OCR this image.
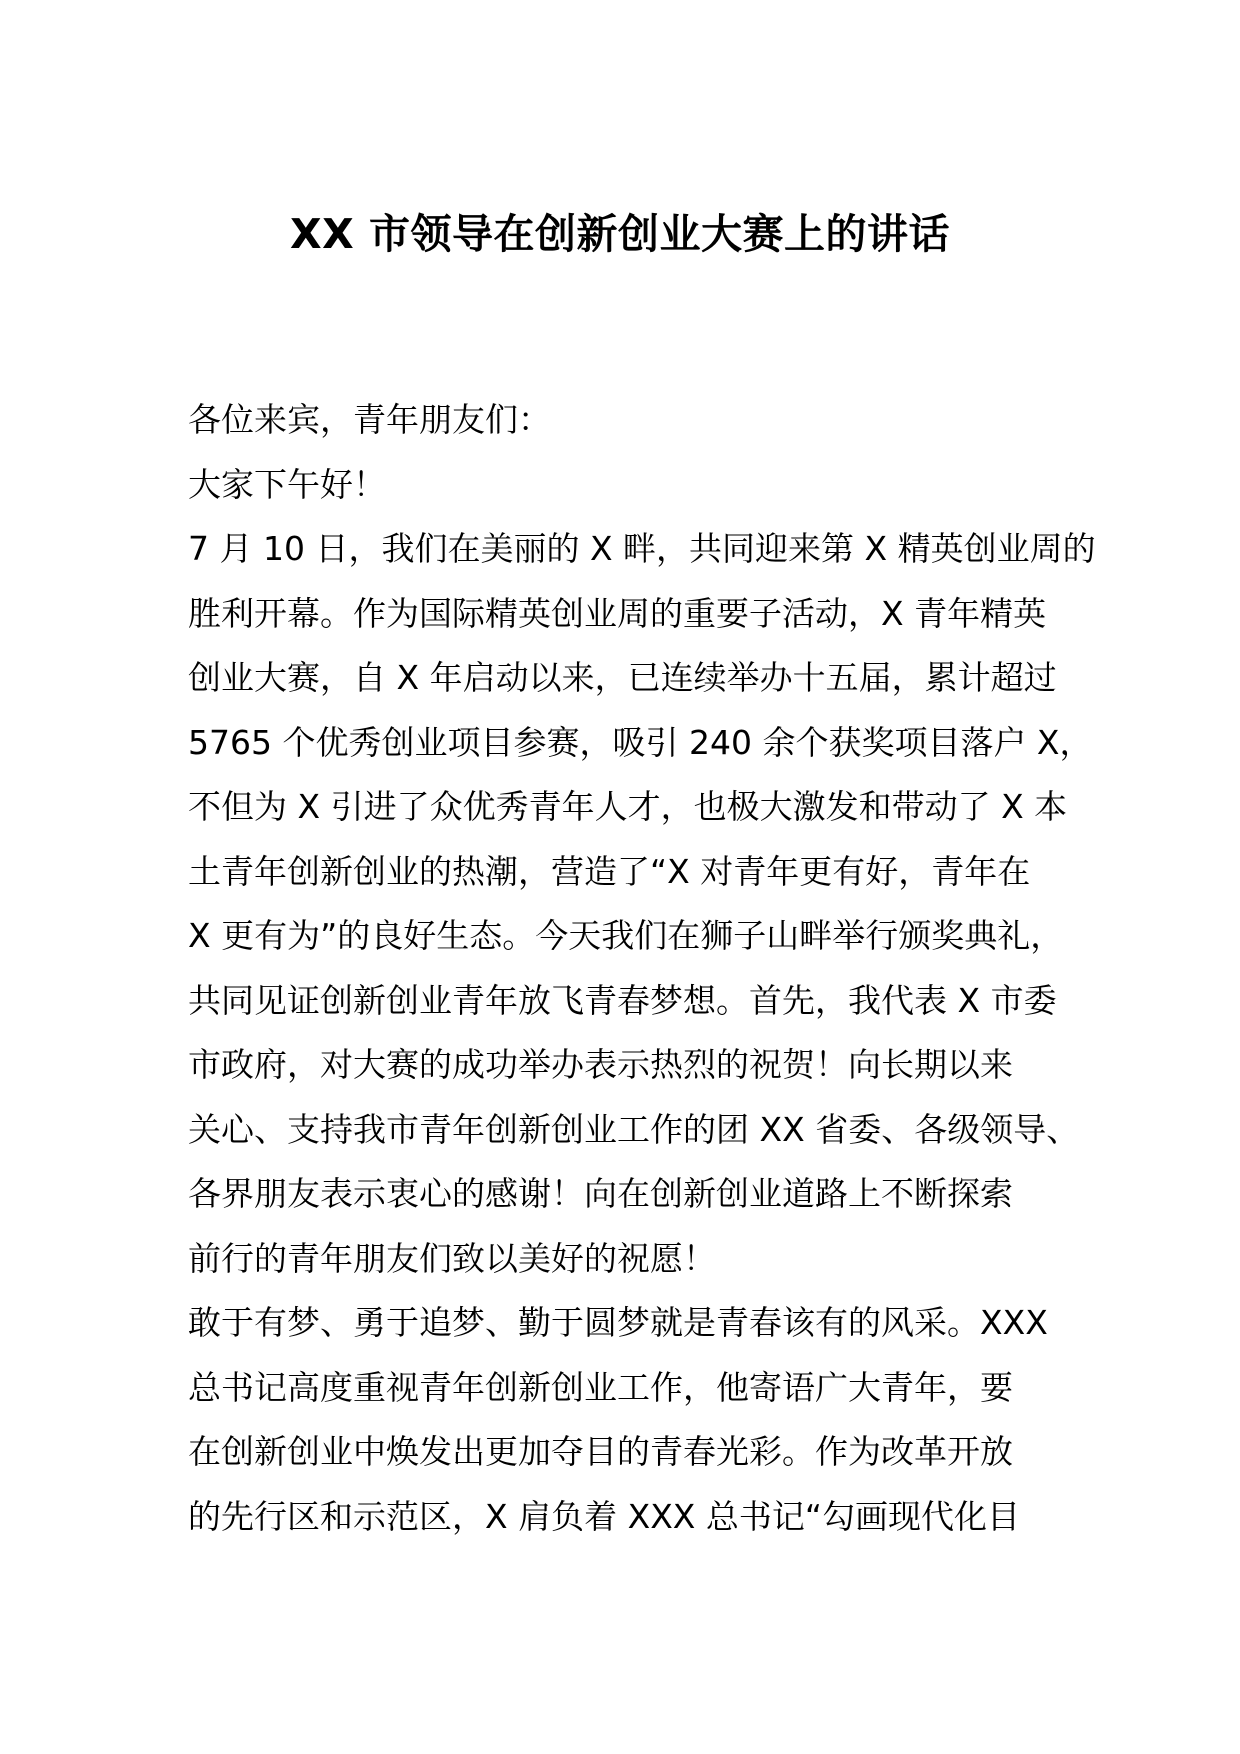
XX 市领导在创新创业大赛上的讲话
各位来宾，青年朋友们：
大家下午好！
7 月 10 日，我们在美丽的 X 畔，共同迎来第 X 精英创业周的
胜利开幕。作为国际精英创业周的重要子活动，X 青年精英
创业大赛，自 X 年启动以来，已连续举办十五届，累计超过
5765 个优秀创业项目参赛，吸引 240 余个获奖项目落户 X，
不但为 X 引进了众优秀青年人才，也极大激发和带动了 X 本
土青年创新创业的热潮，营造了“X 对青年更有好，青年在
X 更有为”的良好生态。今天我们在狮子山畔举行颁奖典礼，
共同见证创新创业青年放飞青春梦想。首先，我代表 X 市委
市政府，对大赛的成功举办表示热烈的祝贺！向长期以来
关心、支持我市青年创新创业工作的团 XX 省委、各级领导、
各界朋友表示衷心的感谢！向在创新创业道路上不断探索
前行的青年朋友们致以美好的祝愿！
敢于有梦、勇于追梦、勤于圆梦就是青春该有的风采。XXX
总书记高度重视青年创新创业工作，他寄语广大青年，要
在创新创业中焕发出更加夺目的青春光彩。作为改革开放
的先行区和示范区，X 肩负着 XXX 总书记“勾画现代化目
